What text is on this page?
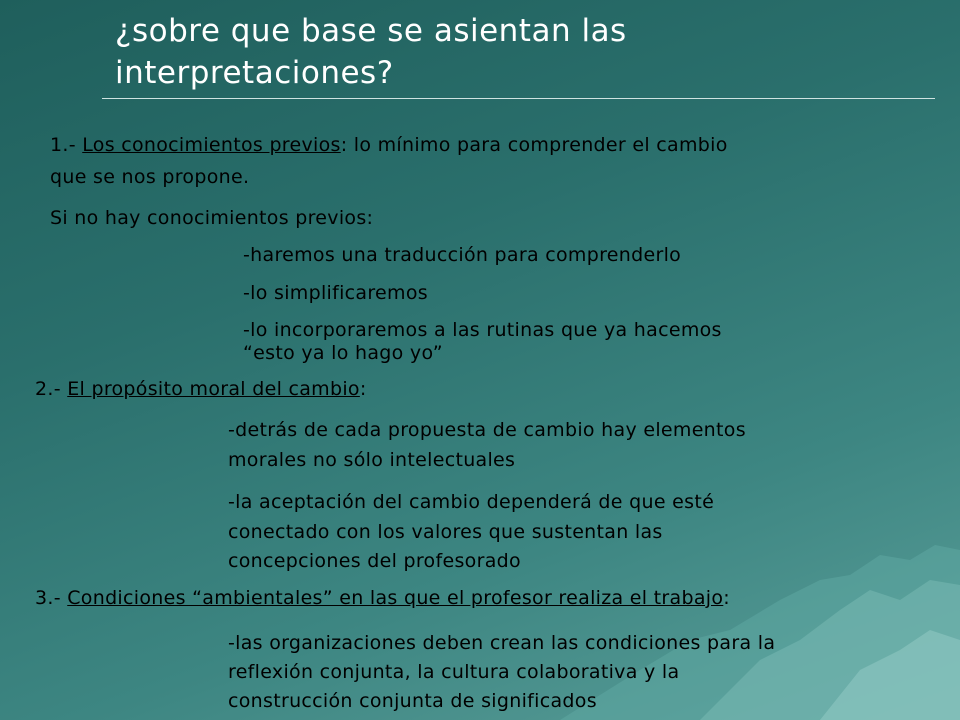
¿sobre que base se asientan las
interpretaciones?
1.- Los conocimientos previos: lo mínimo para comprender el cambio
que se nos propone.
Si no hay conocimientos previos:
-haremos una traducción para comprenderlo
-lo simplificaremos
-lo incorporaremos a las rutinas que ya hacemos
“esto ya lo hago yo”
2.- El propósito moral del cambio:
-detrás de cada propuesta de cambio hay elementos
morales no sólo intelectuales
-la aceptación del cambio dependerá de que esté
conectado con los valores que sustentan las
concepciones del profesorado
3.- Condiciones “ambientales” en las que el profesor realiza el trabajo:
-las organizaciones deben crean las condiciones para la
reflexión conjunta, la cultura colaborativa y la
construcción conjunta de significados
